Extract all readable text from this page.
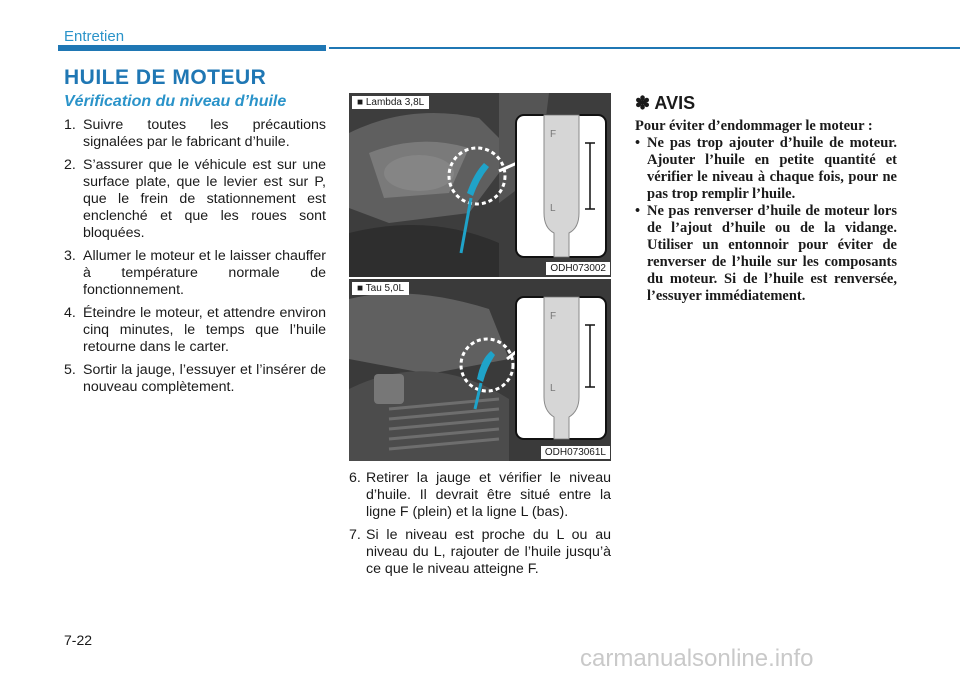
Entretien
HUILE DE MOTEUR
Vérification du niveau d’huile
1. Suivre toutes les précautions signalées par le fabricant d’huile.
2. S’assurer que le véhicule est sur une surface plate, que le levier est sur P, que le frein de stationnement est enclenché et que les roues sont bloquées.
3. Allumer le moteur et le laisser chauffer à température normale de fonctionnement.
4. Éteindre le moteur, et attendre environ cinq minutes, le temps que l’huile retourne dans le carter.
5. Sortir la jauge, l’essuyer et l’insérer de nouveau complètement.
F
L
■ Lambda 3,8L
ODH073002
F
L
■ Tau 5,0L
ODH073061L
6. Retirer la jauge et vérifier le niveau d’huile. Il devrait être situé entre la ligne F (plein) et la ligne L (bas).
7. Si le niveau est proche du L ou au niveau du L, rajouter de l’huile jusqu’à ce que le niveau atteigne F.
✽ AVIS

Pour éviter d’endommager le moteur :

• Ne pas trop ajouter d’huile de moteur. Ajouter l’huile en petite quantité et vérifier le niveau à chaque fois, pour ne pas trop remplir l’huile.
• Ne pas renverser d’huile de moteur lors de l’ajout d’huile ou de la vidange. Utiliser un entonnoir pour éviter de renverser de l’huile sur les composants du moteur. Si de l’huile est renversée, l’essuyer immédiatement.
7-22
carmanualsonline.info
